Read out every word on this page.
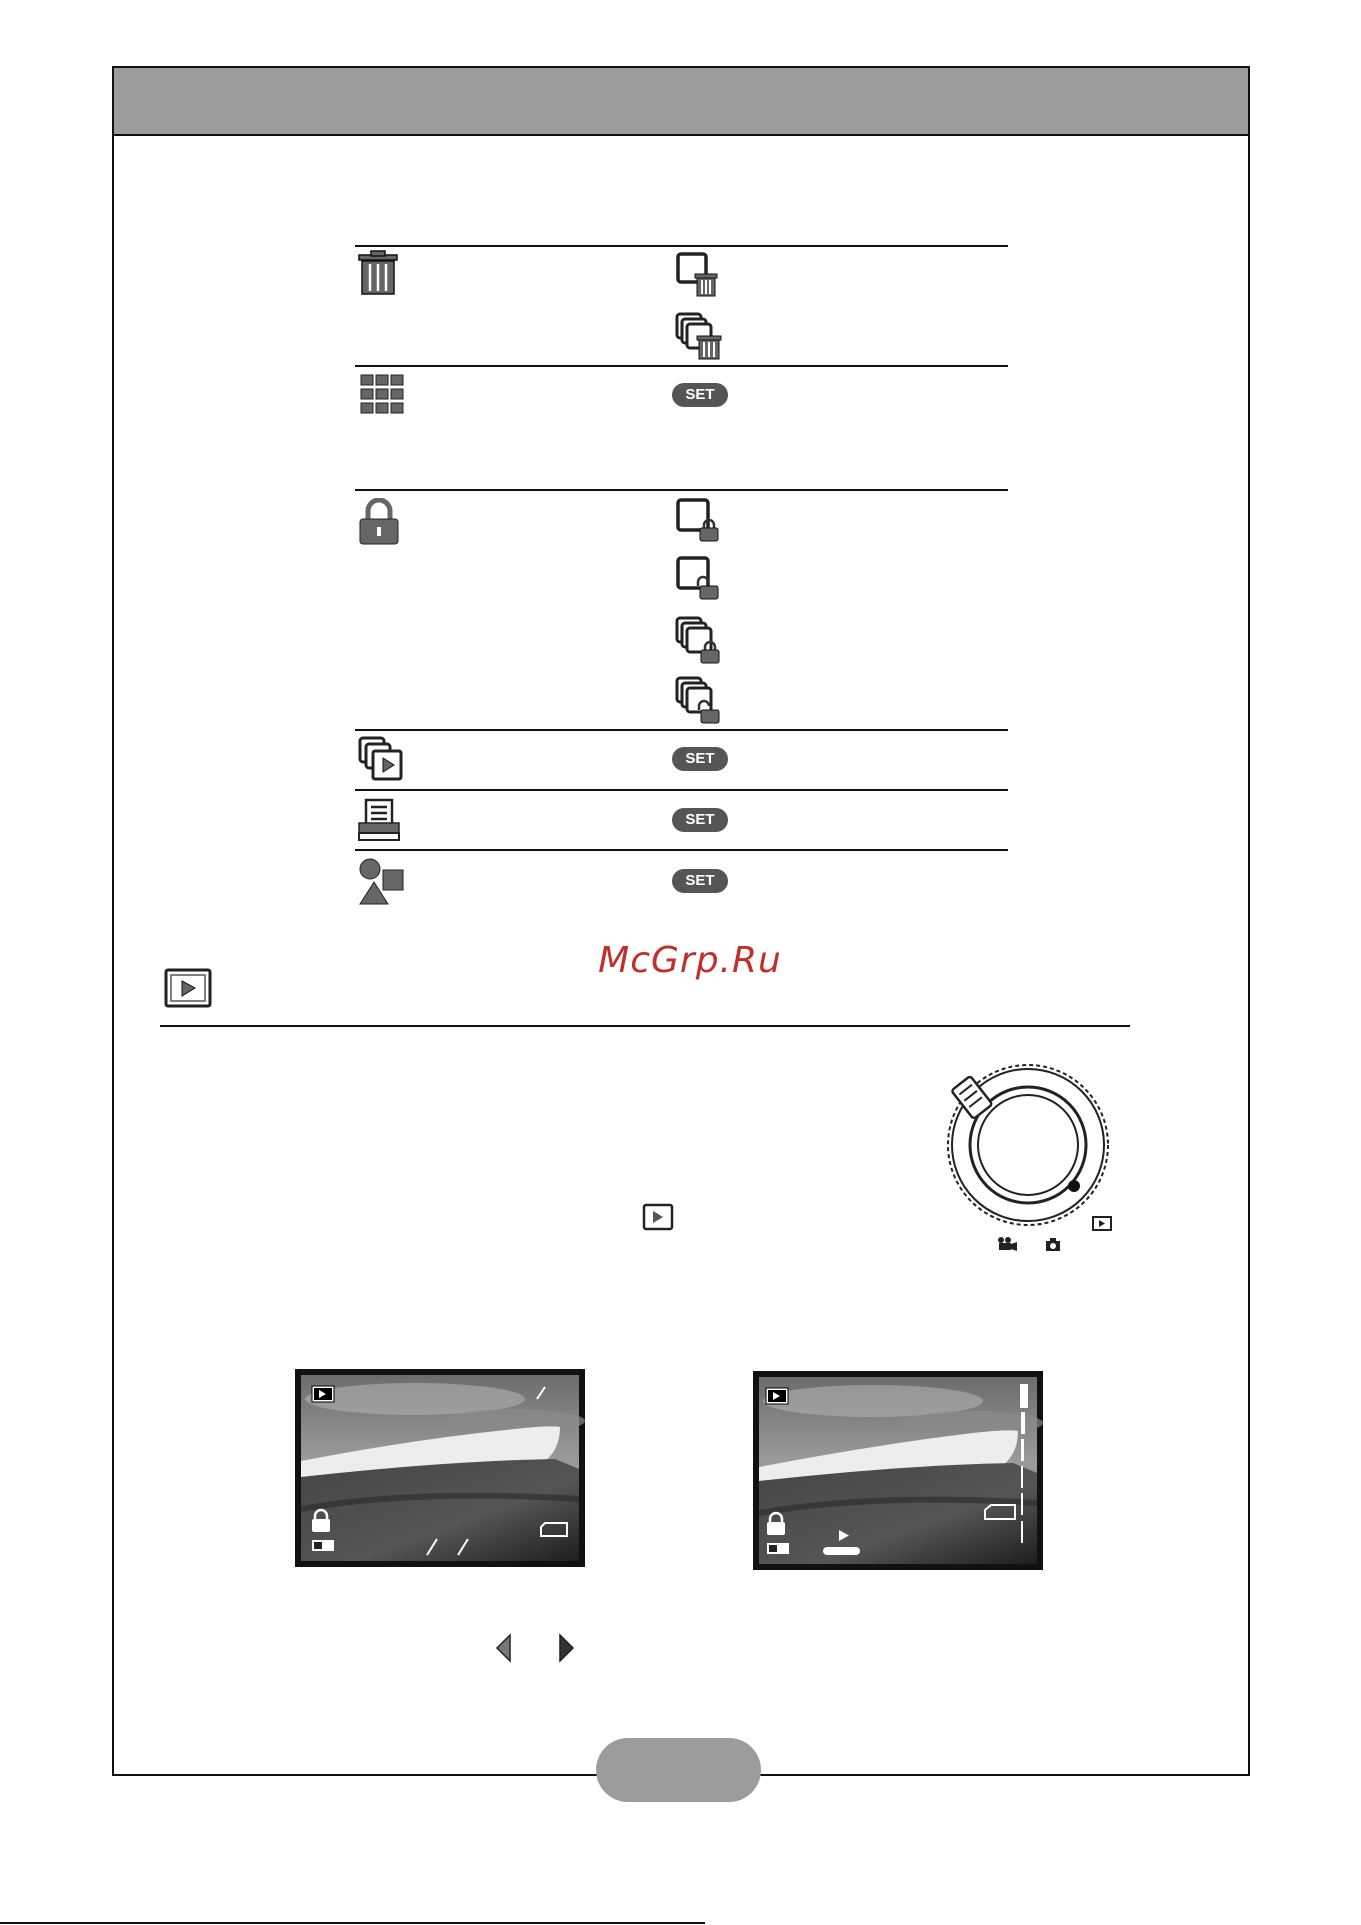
SET
SET
SET
SET
McGrp.Ru
